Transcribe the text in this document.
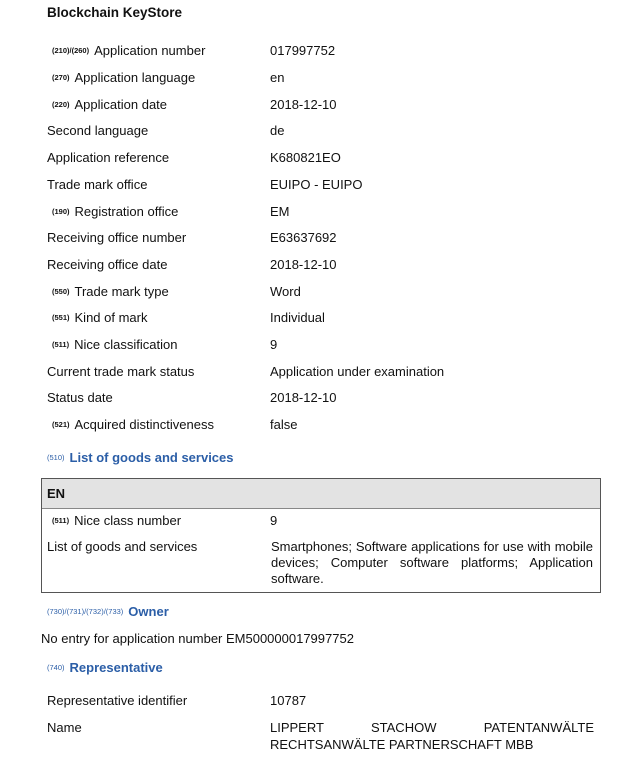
Blockchain KeyStore
(210)/(260) Application number	017997752
(270) Application language	en
(220) Application date	2018-12-10
Second language	de
Application reference	K680821EO
Trade mark office	EUIPO - EUIPO
(190) Registration office	EM
Receiving office number	E63637692
Receiving office date	2018-12-10
(550) Trade mark type	Word
(551) Kind of mark	Individual
(511) Nice classification	9
Current trade mark status	Application under examination
Status date	2018-12-10
(521) Acquired distinctiveness	false
(510) List of goods and services
EN
(511) Nice class number	9
List of goods and services	Smartphones; Software applications for use with mobile devices; Computer software platforms; Application software.
(730)/(731)/(732)/(733) Owner
No entry for application number EM500000017997752
(740) Representative
Representative identifier	10787
Name	LIPPERT STACHOW PATENTANWÄLTE
RECHTSANWÄLTE PARTNERSCHAFT MBB
